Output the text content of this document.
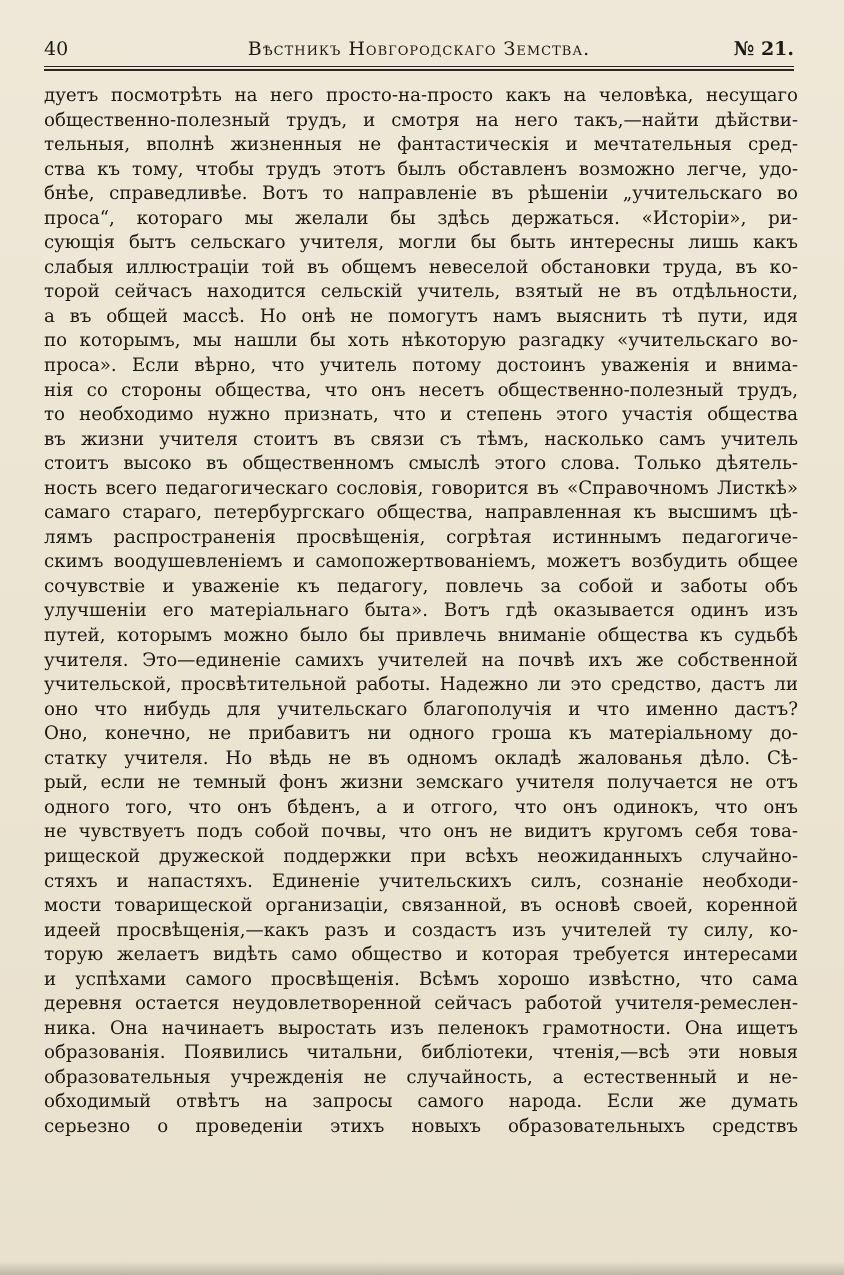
40	Вѣстникъ Новгородскаго Земства.	№ 21.
дуетъ посмотрѣть на него просто-на-просто какъ на человѣка, несущаго
общественно-полезный трудъ, и смотря на него такъ,—найти дѣйстви-
тельныя, вполнѣ жизненныя не фантастическія и мечтательныя сред-
ства къ тому, чтобы трудъ этотъ былъ обставленъ возможно легче, удо-
бнѣе, справедливѣе. Вотъ то направленіе въ рѣшеніи „учительскаго во
проса“, котораго мы желали бы здѣсь держаться. «Исторіи», ри-
сующія бытъ сельскаго учителя, могли бы быть интересны лишь какъ
слабыя иллюстраціи той въ общемъ невеселой обстановки труда, въ ко-
торой сейчасъ находится сельскій учитель, взятый не въ отдѣльности,
а въ общей массѣ. Но онѣ не помогутъ намъ выяснить тѣ пути, идя
по которымъ, мы нашли бы хоть нѣкоторую разгадку «учительскаго во-
проса». Если вѣрно, что учитель потому достоинъ уваженія и внима-
нія со стороны общества, что онъ несетъ общественно-полезный трудъ,
то необходимо нужно признать, что и степень этого участія общества
въ жизни учителя стоитъ въ связи съ тѣмъ, насколько самъ учитель
стоитъ высоко въ общественномъ смыслѣ этого слова. Только дѣятель-
ность всего педагогическаго сословія, говорится въ «Справочномъ Листкѣ»
самаго стараго, петербургскаго общества, направленная къ высшимъ цѣ-
лямъ распространенія просвѣщенія, согрѣтая истиннымъ педагогиче-
скимъ воодушевленіемъ и самопожертвованіемъ, можетъ возбудить общее
сочувствіе и уваженіе къ педагогу, повлечь за собой и заботы объ
улучшеніи его матеріальнаго быта». Вотъ гдѣ оказывается одинъ изъ
путей, которымъ можно было бы привлечь вниманіе общества къ судьбѣ
учителя. Это—единеніе самихъ учителей на почвѣ ихъ же собственной
учительской, просвѣтительной работы. Надежно ли это средство, дастъ ли
оно что нибудь для учительскаго благополучія и что именно дастъ?
Оно, конечно, не прибавитъ ни одного гроша къ матеріальному до-
статку учителя. Но вѣдь не въ одномъ окладѣ жалованья дѣло. Сѣ-
рый, если не темный фонъ жизни земскаго учителя получается не отъ
одного того, что онъ бѣденъ, а и отгого, что онъ одинокъ, что онъ
не чувствуетъ подъ собой почвы, что онъ не видитъ кругомъ себя това-
рищеской дружеской поддержки при всѣхъ неожиданныхъ случайно-
стяхъ и напастяхъ. Единеніе учительскихъ силъ, сознаніе необходи-
мости товарищеской организаціи, связанной, въ основѣ своей, коренной
идеей просвѣщенія,—какъ разъ и создастъ изъ учителей ту силу, ко-
торую желаетъ видѣть само общество и которая требуется интересами
и успѣхами самого просвѣщенія. Всѣмъ хорошо извѣстно, что сама
деревня остается неудовлетворенной сейчасъ работой учителя-ремеслен-
ника. Она начинаетъ выростать изъ пеленокъ грамотности. Она ищетъ
образованія. Появились читальни, библіотеки, чтенія,—всѣ эти новыя
образовательныя учрежденія не случайность, а естественный и не-
обходимый отвѣтъ на запросы самого народа. Если же думать
серьезно о проведеніи этихъ новыхъ образовательныхъ средствъ
